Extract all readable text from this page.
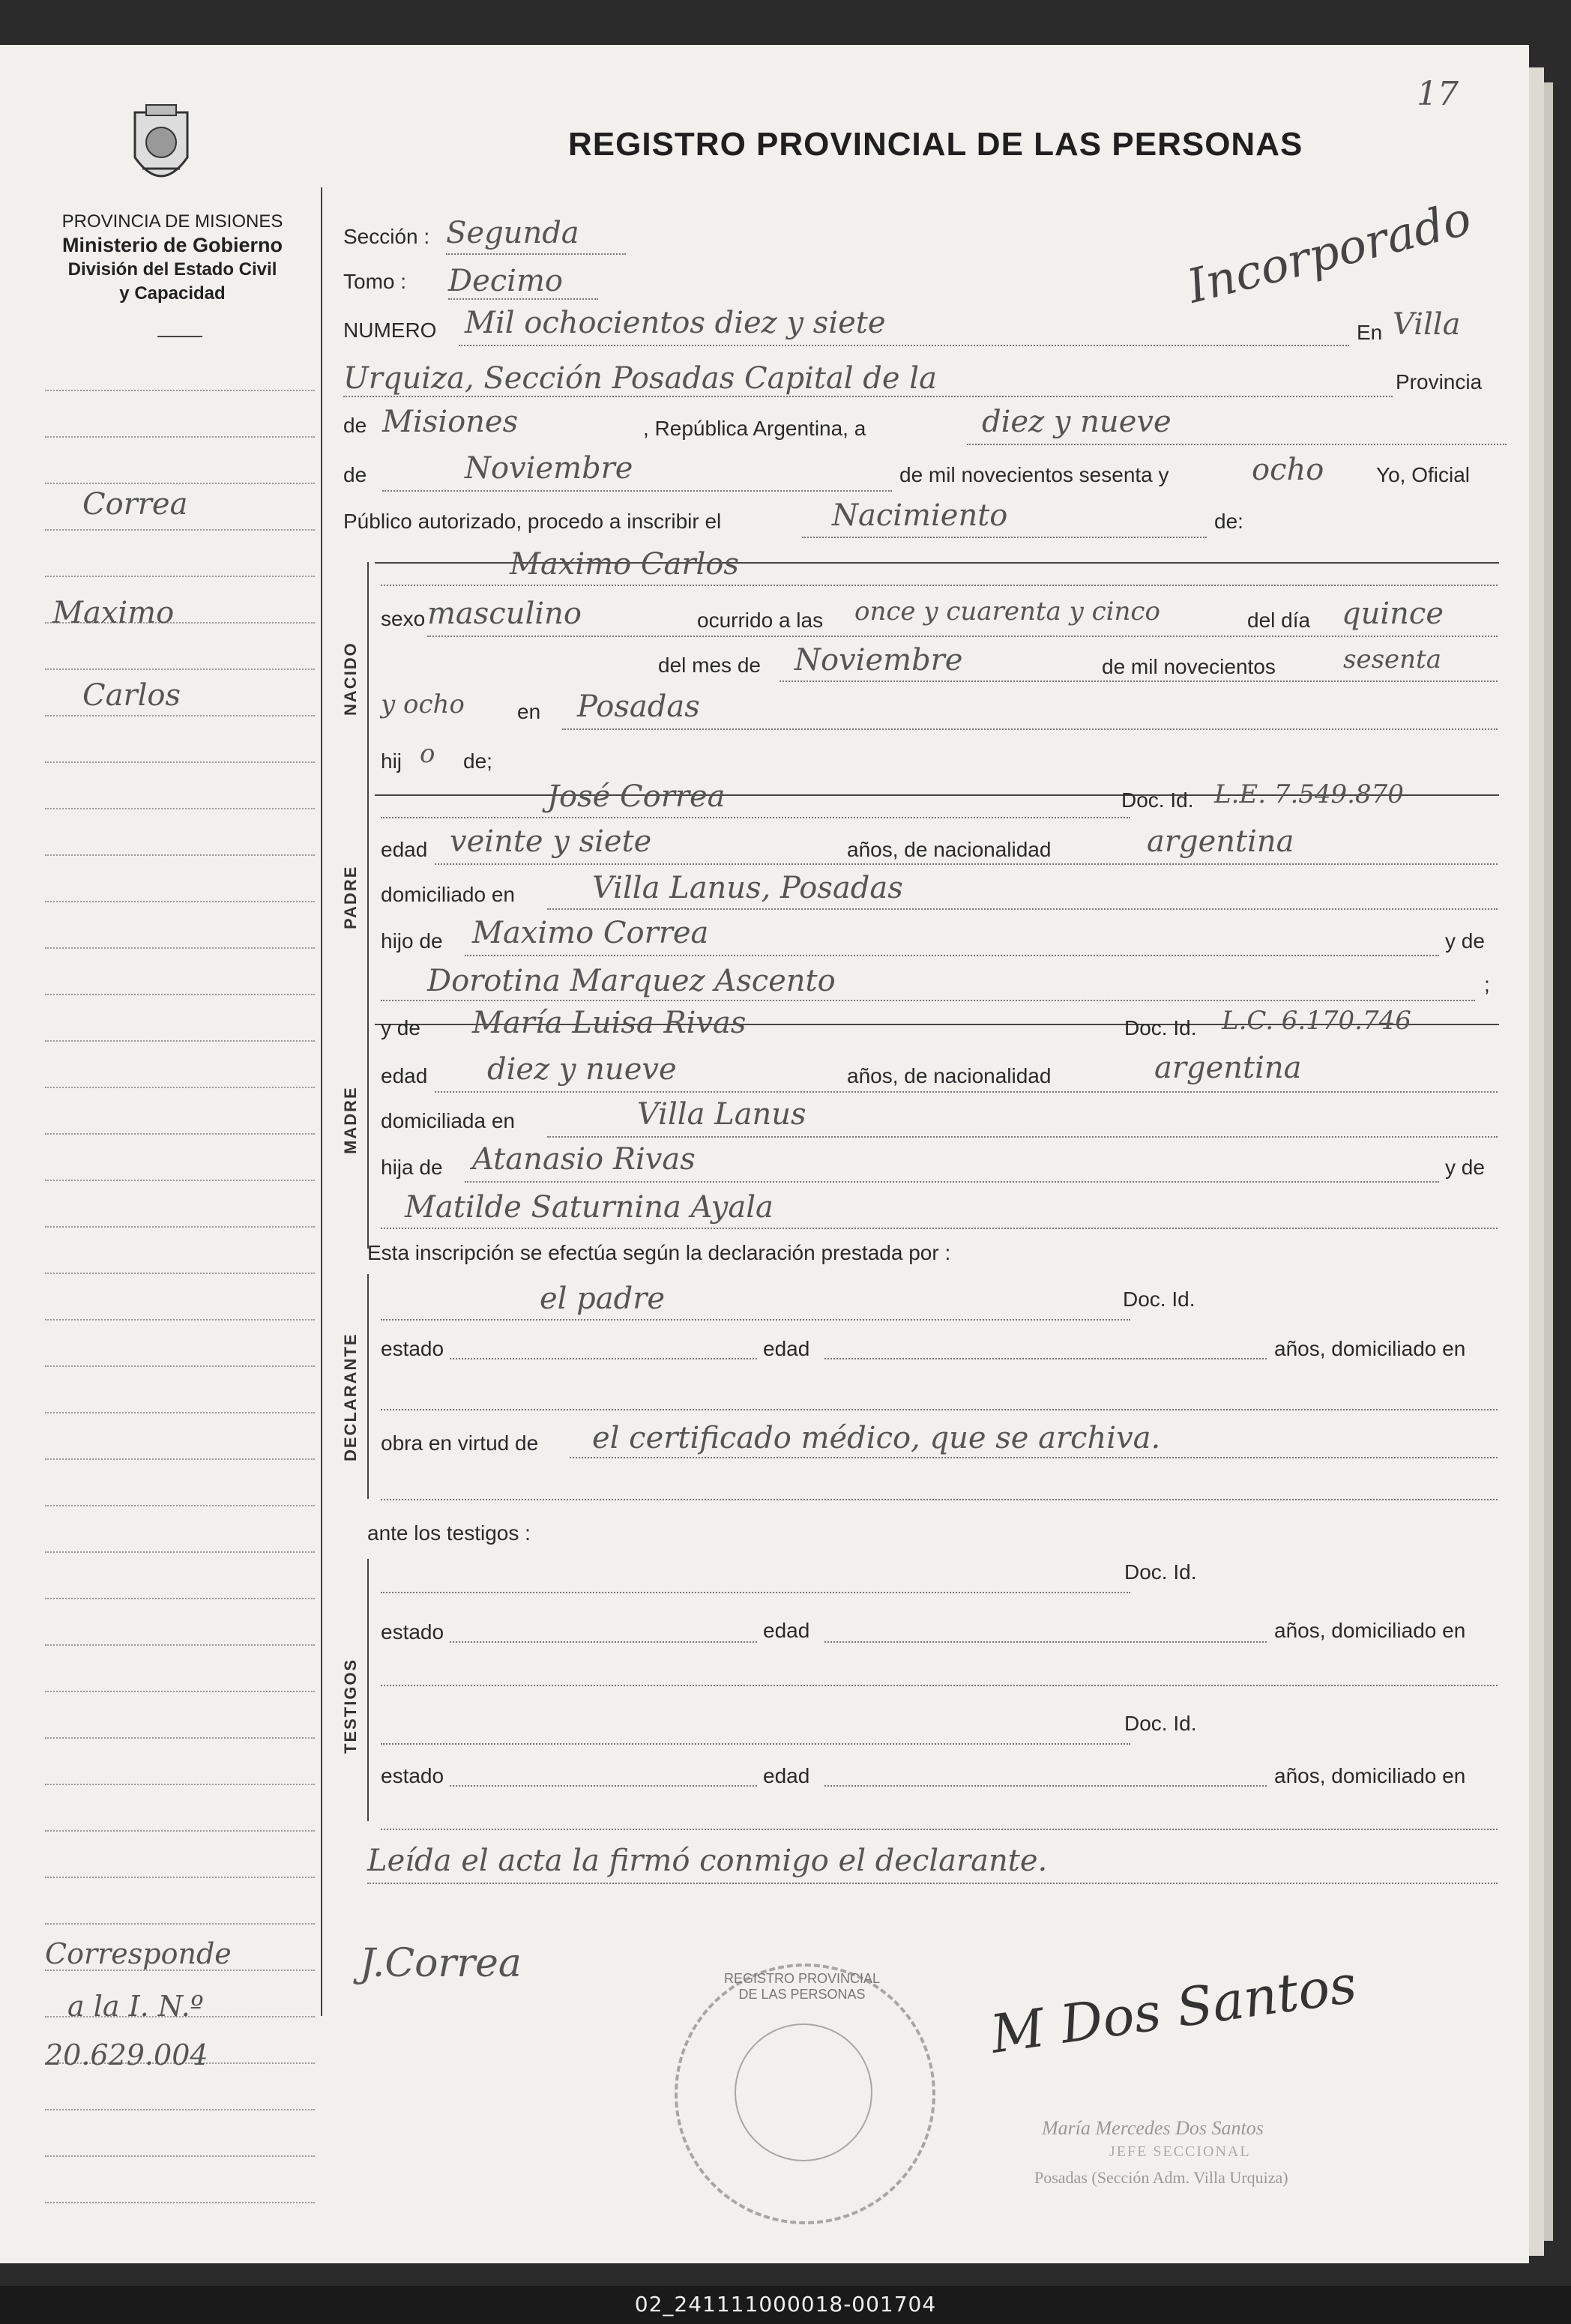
17
PROVINCIA DE MISIONES
Ministerio de Gobierno
División del Estado Civil
y Capacidad
REGISTRO PROVINCIAL DE LAS PERSONAS
Correa
Maximo
Carlos
Corresponde
a la I. N.º
20.629.004
Incorporado
Sección : Segunda
Tomo : Decimo
NUMERO Mil ochocientos diez y siete	En Villa
Urquiza, Sección Posadas Capital de la	Provincia
de Misiones	, República Argentina, a	diez y nueve
de	Noviembre	de mil novecientos sesenta y	ocho Yo, Oficial
Público autorizado, procedo a inscribir el	Nacimiento	de:
NACIDO
Maximo Carlos
sexo masculino	ocurrido a las once y cuarenta y cinco	del día quince
del mes de Noviembre	de mil novecientos	sesenta
y ocho	en Posadas
hij o de;
PADRE
José Correa	Doc. Id. L.E. 7.549.870
edad veinte y siete	años, de nacionalidad	argentina
domiciliado en	Villa Lanus, Posadas
hijo de Maximo Correa	y de
Dorotina Marquez Ascento	;
MADRE
y de María Luisa Rivas	Doc. Id. L.C. 6.170.746
edad diez y nueve	años, de nacionalidad	argentina
domiciliada en	Villa Lanus
hija de Atanasio Rivas	y de
Matilde Saturnina Ayala
Esta inscripción se efectúa según la declaración prestada por :
DECLARANTE
el padre	Doc. Id.
estado	edad	años, domiciliado en
obra en virtud de el certificado médico, que se archiva.
ante los testigos :
TESTIGOS
Doc. Id.
estado	edad	años, domiciliado en
Doc. Id.
estado	edad	años, domiciliado en
Leída el acta la firmó conmigo el declarante.
J.Correa	REGISTRO PROVINCIAL DE LAS PERSONAS	M Dos Santos
María Mercedes Dos Santos
JEFE SECCIONAL
Posadas (Sección Adm. Villa Urquiza)
02_241111000018-001704
